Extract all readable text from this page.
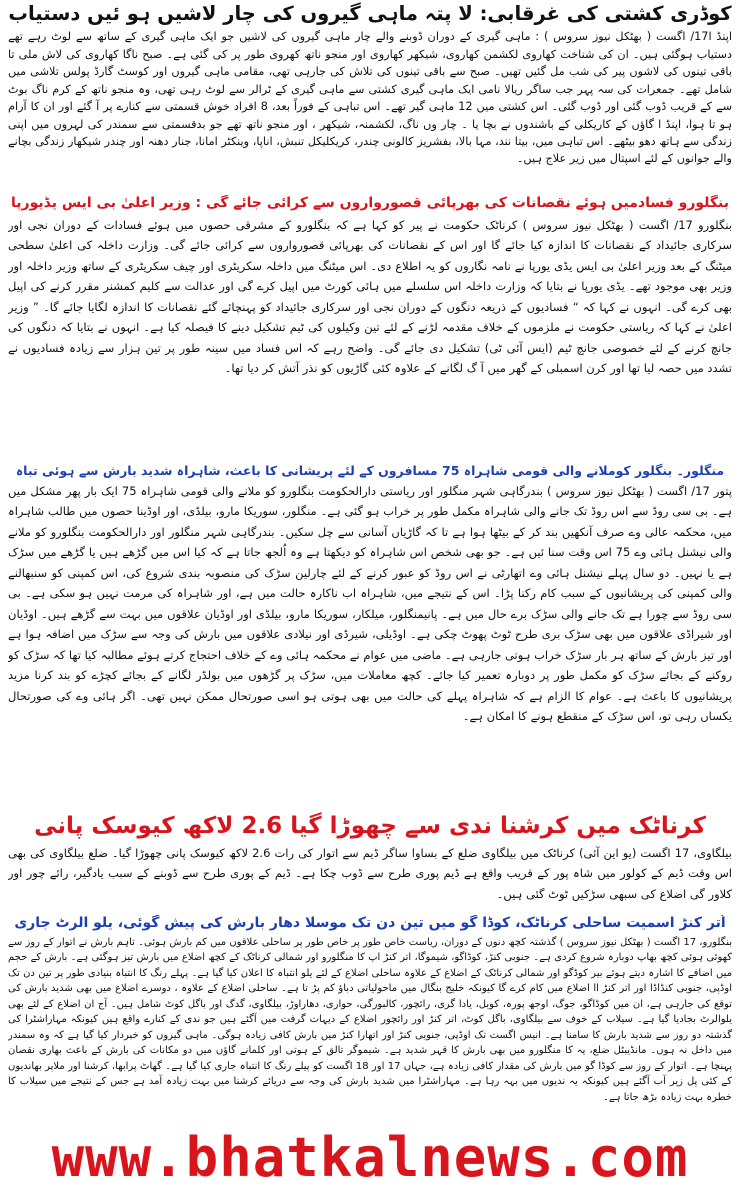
کوڈری کشتی کی غرقابی: لا پتہ ماہی گیروں کی چار لاشیں ہو ئیں دستیاب

اپنڈ ا17/ اگست ( بھٹکل نیوز سروس ) : ماہی گیری کے دوران ڈوبنے والے چار ماہی گیروں کی لاشیں جو ایک ماہی گیری کے ساتھ سے لوٹ رہے تھے دستیاب ہوگئی ہیں۔ ان کی شناخت کھاروی لکشمن کھاروی، شیکھر کھاروی اور منجو ناتھ کھروی طور پر کی گئی ہے۔ صبح ناگا کھاروی کی لاش ملی تا باقی تینوں کی لاشوں پیر کی شب مل گئیں تھیں۔ صبح سے باقی تینوں کی تلاش کی جارہی تھی، مقامی ماہی گیروں اور کوسٹ گارڈ پولس تلاشی میں شامل تھے۔ جمعرات کی سہ پہر جب ساگر ریالا نامی ایک ماہی گیری کشتی سے ماہی گیری کے ٹرالر سے لوٹ رہی تھی، وہ منجو ناتھ کے کرم ناگ بوٹ سے کے قریب ڈوب گئی اور ڈوب گئی۔ اس کشتی میں 12 ماہی گیر تھے۔ اس تباہی کے فوراً بعد، 8 افراد خوش قسمتی سے کنارے پر آ گئے اور ان کا آرام ہو تا ہوا، اپنڈ ا گاؤں کے کاریکلی کے باشندوں نے بچا یا ۔ چار وں ناگ، لکشمنہ، شیکھر ، اور منجو ناتھ تھے جو بدقسمتی سے سمندر کی لہروں میں اپنی زندگی سے ہاتھ دھو بیٹھے۔ اس تباہی میں، بیتا نند، مہا بالا، بفشریز کالونی چندر، کریکلیکل تنبش، اناپا، وینکٹر امانا، جنار دھنہ اور چندر شیکھار زندگی بچانے والے جوانوں کے لئے اسپتال میں زیر علاج ہیں۔

بنگلورو فسادمیں ہوئے نقصانات کی بھرپائی قصورواروں سے کرائی جائے گی : وزیر اعلیٰ بی ایس یڈیورپا

بنگلورو 17/ اگست ( بھٹکل نیوز سروس ) کرناٹک حکومت نے پیر کو کہا ہے کہ بنگلورو کے مشرقی حصوں میں ہوئے فسادات کے دوران نجی اور سرکاری جائیداد کے نقصانات کا اندازہ کیا جائے گا اور اس کے نقصانات کی بھرپائی قصورواروں سے کرائی جائے گی۔ وزارت داخلہ کی اعلیٰ سطحی میٹنگ کے بعد وزیر اعلیٰ بی ایس یڈی یورپا نے نامہ نگاروں کو یہ اطلاع دی۔ اس میٹنگ میں داخلہ سکریٹری اور چیف سکریٹری کے ساتھ وزیر داخلہ اور وزیر بھی موجود تھے۔ یڈی یورپا نے بتایا کہ وزارت داخلہ اس سلسلے میں ہائی کورٹ میں اپیل کرے گی اور عدالت سے کلیم کمشنر مقرر کرنے کی اپیل بھی کرے گی۔ انہوں نے کہا کہ “ فسادیوں کے ذریعہ دنگوں کے دوران نجی اور سرکاری جائیداد کو پہنچائے گئے نقصانات کا اندازہ لگایا جائے گا۔ ” وزیر اعلیٰ نے کہا کہ ریاستی حکومت نے ملزموں کے خلاف مقدمہ لڑنے کے لئے تین وکیلوں کی ٹیم تشکیل دینے کا فیصلہ کیا ہے۔ انہوں نے بتایا کہ دنگوں کی جانچ کرنے کے لئے خصوصی جانچ ٹیم (ایس آئی ٹی) تشکیل دی جائے گی۔ واضح رہے کہ اس فساد میں سینہ طور پر تین ہزار سے زیادہ فسادیوں نے تشدد میں حصہ لیا تھا اور کرن اسمبلی کے گھر میں آ گ لگانے کے علاوہ کئی گاڑیوں کو نذر آتش کر دیا تھا۔

منگلور۔ بنگلور کوملانے والی قومی شاہراہ 75 مسافروں کے لئے پریشانی کا باعث، شاہراہ شدید بارش سے ہوئی تباہ

پتور 17/ اگست ( بھٹکل نیوز سروس ) بندرگاہی شہر منگلور اور ریاستی دارالحکومت بنگلورو کو ملانے والی قومی شاہراہ 75 ایک بار پھر مشکل میں ہے۔ بی سی روڈ سے اس روڈ تک جانے والی شاہراہ مکمل طور پر خراب ہو گئی ہے۔ منگلور، سوریکا مارو، بیلڈی، اور اوڈینا حصوں میں طالب شاہراہ میں، محکمہ عالی وے صرف آنکھیں بند کر کے بیٹھا ہوا ہے تا کہ گاڑیاں آسانی سے چل سکیں۔ بندرگاہی شہر منگلور اور دارالحکومت بنگلورو کو ملانے والی نیشنل ہائی وے 75 اس وقت سنا ئیں ہے۔ جو بھی شخص اس شاہراہ کو دیکھتا ہے وہ اُلجھ جاتا ہے کہ کیا اس میں گڑھے ہیں یا گڑھے میں سڑک ہے یا نہیں۔ دو سال پہلے نیشنل ہائی وے اتھارٹی نے اس روڈ کو عبور کرنے کے لئے چارلین سڑک کی منصوبہ بندی شروع کی، اس کمپنی کو سنبھالنے والی کمپنی کی پریشانیوں کے سبب کام رکنا پڑا۔ اس کے نتیجے میں، شاہراہ اب ناکارہ حالت میں ہے، اور شاہراہ کی مرمت نہیں ہو سکی ہے۔ بی سی روڈ سے چورا ہے تک جانے والی سڑک برے حال میں ہے۔ پانیمنگلور، میلکار، سوریکا مارو، بیلڈی اور اوڈیان علاقوں میں بہت سے گڑھے ہیں۔ اوڈیان اور شیراڈی علاقوں میں بھی سڑک بری طرح ٹوٹ پھوٹ چکی ہے۔ اوڈیلی، شیرڈی اور نیلادی علاقوں میں بارش کی وجہ سے سڑک میں اضافہ ہوا ہے اور تیز بارش کے ساتھ ہر بار سڑک خراب ہوتی جارہی ہے۔ ماضی میں عوام نے محکمہ ہائی وے کے خلاف احتجاج کرتے ہوئے مطالبہ کیا تھا کہ سڑک کو روکنے کے بجائے سڑک کو مکمل طور پر دوبارہ تعمیر کیا جائے۔ کچھ معاملات میں، سڑک پر گڑھوں میں بولڈر لگانے کے بجائے کچڑے کو بند کرنا مزید پریشانیوں کا باعث ہے۔ عوام کا الزام ہے کہ شاہراہ پہلے کی حالت میں بھی ہوتی ہو اسی صورتحال ممکن نہیں تھی۔ اگر ہائی وے کی صورتحال یکساں رہی تو، اس سڑک کے منقطع ہونے کا امکان ہے۔

کرناٹک میں کرشنا ندی سے چھوڑا گیا 2.6 لاکھ کیوسک پانی

بیلگاوی، 17 اگست (یو این آئی) کرناٹک میں بیلگاوی ضلع کے بساوا ساگر ڈیم سے اتوار کی رات 2.6 لاکھ کیوسک پانی چھوڑا گیا۔ ضلع بیلگاوی کی بھی اس وقت ڈیم کے کولور میں شاہ پور کے قریب واقع ہے ڈیم پوری طرح سے ڈوب چکا ہے۔ ڈیم کے پوری طرح سے ڈوبنے کے سبب یادگیر، رائے چور اور کلاور گی اضلاع کی سبھی سڑکیں ٹوٹ گئی ہیں۔

اُتر کنڑ اسمیت ساحلی کرناٹک، کوڈا گو میں تین دن تک موسلا دھار بارش کی پیش گوئی، یلو الرٹ جاری

بنگلورو، 17 اگست ( بھٹکل نیوز سروس ) گذشتہ کچھ دنوں کے دوران، ریاست خاص طور پر خاص طور پر ساحلی علاقوں میں کم بارش ہوئی۔ تاہم بارش نے اتوار کے روز سے کھوئی ہوئی کچھ بھاپ دوبارہ شروع کردی ہے۔ جنوبی کنڑ، کوڈاگو، شیموگا، اتر کنڑ اپ کا منگلورو اور شمالی کرناٹک کے کچھ اضلاع میں بارش تیز ہوگئی ہے۔ بارش کے حجم میں اضافے کا اشارہ دیتے ہوئے بیر کوڈگو اور شمالی کرناٹک کے اضلاع کے علاوہ ساحلی اضلاع کے لئے یلو انتباہ کا اعلان کیا گیا ہے۔ پہلے رنگ کا انتباہ بنیادی طور پر تین دن تک اوڈپی، جنوبی کنڈاڈا اور اتر کنڑ اا اضلاع میں کام کرے گا کیونکہ خلیج بنگال میں ماحولیاتی دباؤ کم پڑ تا ہے۔ ساحلی اضلاع کے علاوہ ، دوسرے اضلاع میں بھی شدید بارش کی توقع کی جارہی ہے، ان میں کوڈاگو، جوگ، اوجھ پورہ، کوبل، یادا گری، رائچور، کالبورگی، حواری، دھاراوڑ، بیلگاوی، گدگ اور باگل کوٹ شامل ہیں۔ آج ان اضلاع کے لئے بھی یلوالرٹ بجادیا گیا ہے۔ سیلاب کے خوف سے بیلگاوی، باگل کوٹ، اتر کنڑ اور رائچور اضلاع کے دیہات گرفت میں آگئے ہیں جو ندی کے کنارے واقع ہیں کیونکہ مہاراشٹرا کی گذشتہ دو روز سے شدید بارش کا سامنا ہے۔ انیس اگست تک اوڈپی، جنوبی کنڑ اور اتھارا کنڑ میں بارش کافی زیادہ ہوگی۔ ماہی گیروں کو خبردار کیا گیا ہے کہ وہ سمندر میں داخل نہ ہوں۔ مانڈیبٹل ضلع، یہ کا منگلورو میں بھی بارش کا قہر شدید ہے۔ شیموگر تالق کے ہوتی اور کلمانے گاؤں میں دو مکانات کی بارش کے باعث بھاری نقصان پہنچا ہے۔ اتوار کے روز سے کوڈا گو میں بارش کی مقدار کافی زیادہ ہے، جہاں 17 اور 18 اگست کو پیلے رنگ کا انتباہ جاری کیا گیا ہے۔ گھاٹ پرابھا، کرشنا اور ملاپر بھاندیوں کے کئی پل زیر آب آگئے ہیں کیونکہ یہ ندیوں میں بہہ رہا ہے۔ مہاراشٹرا میں شدید بارش کی وجہ سے دریائے کرشنا میں بہت زیادہ آمد ہے جس کے نتیجے میں سیلاب کا خطرہ بہت زیادہ بڑھ جاتا ہے۔

www.bhatkalnews.com
